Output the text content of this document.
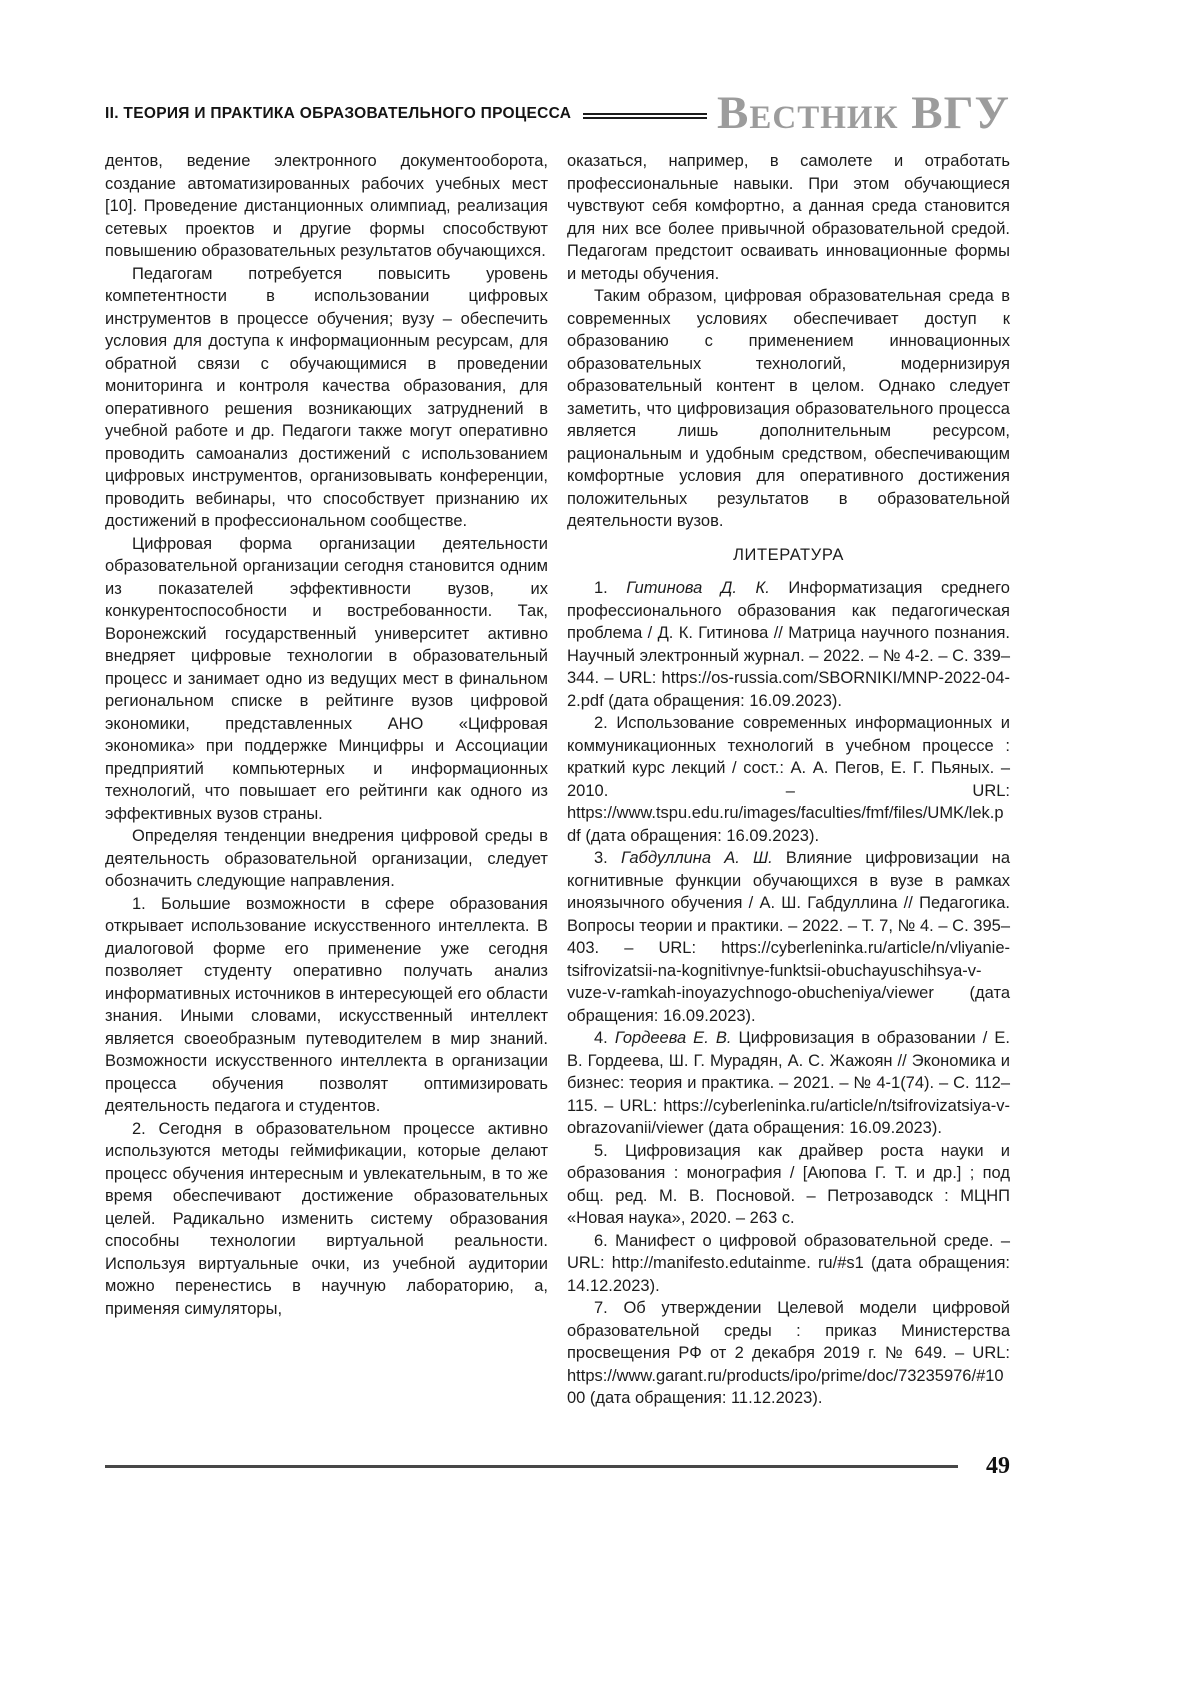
II. ТЕОРИЯ И ПРАКТИКА ОБРАЗОВАТЕЛЬНОГО ПРОЦЕССА	Вестник ВГУ

дентов, ведение электронного документооборота, создание автоматизированных рабочих учебных мест [10]. Проведение дистанционных олимпиад, реализация сетевых проектов и другие формы способствуют повышению образовательных результатов обучающихся.

Педагогам потребуется повысить уровень компетентности в использовании цифровых инструментов в процессе обучения; вузу – обеспечить условия для доступа к информационным ресурсам, для обратной связи с обучающимися в проведении мониторинга и контроля качества образования, для оперативного решения возникающих затруднений в учебной работе и др. Педагоги также могут оперативно проводить самоанализ достижений с использованием цифровых инструментов, организовывать конференции, проводить вебинары, что способствует признанию их достижений в профессиональном сообществе.

Цифровая форма организации деятельности образовательной организации сегодня становится одним из показателей эффективности вузов, их конкурентоспособности и востребованности. Так, Воронежский государственный университет активно внедряет цифровые технологии в образовательный процесс и занимает одно из ведущих мест в финальном региональном списке в рейтинге вузов цифровой экономики, представленных АНО «Цифровая экономика» при поддержке Минцифры и Ассоциации предприятий компьютерных и информационных технологий, что повышает его рейтинги как одного из эффективных вузов страны.

Определяя тенденции внедрения цифровой среды в деятельность образовательной организации, следует обозначить следующие направления.

1. Большие возможности в сфере образования открывает использование искусственного интеллекта. В диалоговой форме его применение уже сегодня позволяет студенту оперативно получать анализ информативных источников в интересующей его области знания. Иными словами, искусственный интеллект является своеобразным путеводителем в мир знаний. Возможности искусственного интеллекта в организации процесса обучения позволят оптимизировать деятельность педагога и студентов.

2. Сегодня в образовательном процессе активно используются методы геймификации, которые делают процесс обучения интересным и увлекательным, в то же время обеспечивают достижение образовательных целей. Радикально изменить систему образования способны технологии виртуальной реальности. Используя виртуальные очки, из учебной аудитории можно перенестись в научную лабораторию, а, применяя симуляторы,

оказаться, например, в самолете и отработать профессиональные навыки. При этом обучающиеся чувствуют себя комфортно, а данная среда становится для них все более привычной образовательной средой. Педагогам предстоит осваивать инновационные формы и методы обучения.

Таким образом, цифровая образовательная среда в современных условиях обеспечивает доступ к образованию с применением инновационных образовательных технологий, модернизируя образовательный контент в целом. Однако следует заметить, что цифровизация образовательного процесса является лишь дополнительным ресурсом, рациональным и удобным средством, обеспечивающим комфортные условия для оперативного достижения положительных результатов в образовательной деятельности вузов.

ЛИТЕРАТУРА

1. Гитинова Д. К. Информатизация среднего профессионального образования как педагогическая проблема / Д. К. Гитинова // Матрица научного познания. Научный электронный журнал. – 2022. – № 4-2. – С. 339–344. – URL: https://os-russia.com/SBORNIKI/MNP-2022-04-2.pdf (дата обращения: 16.09.2023).

2. Использование современных информационных и коммуникационных технологий в учебном процессе : краткий курс лекций / сост.: А. А. Пегов, Е. Г. Пьяных. – 2010. – URL: https://www.tspu.edu.ru/images/faculties/fmf/files/UMK/lek.pdf (дата обращения: 16.09.2023).

3. Габдуллина А. Ш. Влияние цифровизации на когнитивные функции обучающихся в вузе в рамках иноязычного обучения / А. Ш. Габдуллина // Педагогика. Вопросы теории и практики. – 2022. – Т. 7, № 4. – С. 395–403. – URL: https://cyberleninka.ru/article/n/vliyanie-tsifrovizatsii-na-kognitivnye-funktsii-obuchayuschihsya-v-vuze-v-ramkah-inoyazychnogo-obucheniya/viewer (дата обращения: 16.09.2023).

4. Гордеева Е. В. Цифровизация в образовании / Е. В. Гордеева, Ш. Г. Мурадян, А. С. Жажоян // Экономика и бизнес: теория и практика. – 2021. – № 4-1(74). – С. 112–115. – URL: https://cyberleninka.ru/article/n/tsifrovizatsiya-v-obrazovanii/viewer (дата обращения: 16.09.2023).

5. Цифровизация как драйвер роста науки и образования : монография / [Аюпова Г. Т. и др.] ; под общ. ред. М. В. Посновой. – Петрозаводск : МЦНП «Новая наука», 2020. – 263 с.

6. Манифест о цифровой образовательной среде. – URL: http://manifesto.edutainme. ru/#s1 (дата обращения: 14.12.2023).

7. Об утверждении Целевой модели цифровой образовательной среды : приказ Министерства просвещения РФ от 2 декабря 2019 г. № 649. – URL: https://www.garant.ru/products/ipo/prime/doc/73235976/#1000 (дата обращения: 11.12.2023).

49
